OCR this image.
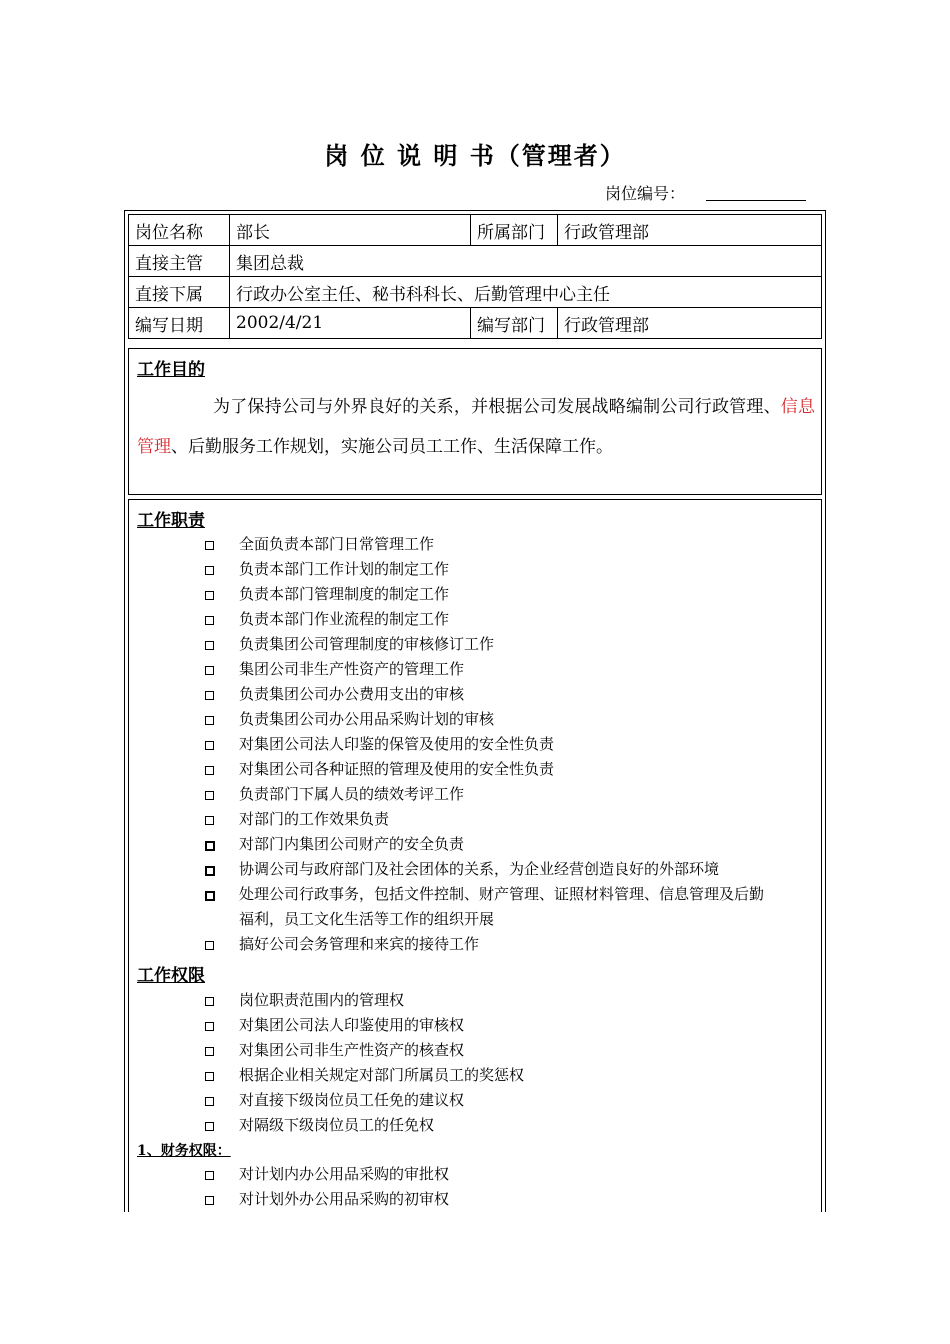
岗 位 说 明 书（管理者）
岗位编号：
岗位名称	部长	所属部门	行政管理部
直接主管	集团总裁		
直接下属	行政办公室主任、秘书科科长、后勤管理中心主任		
编写日期	2002/4/21	编写部门	行政管理部
工作目的
为了保持公司与外界良好的关系，并根据公司发展战略编制公司行政管理、信息管理、后勤服务工作规划，实施公司员工工作、生活保障工作。
工作职责
全面负责本部门日常管理工作
负责本部门工作计划的制定工作
负责本部门管理制度的制定工作
负责本部门作业流程的制定工作
负责集团公司管理制度的审核修订工作
集团公司非生产性资产的管理工作
负责集团公司办公费用支出的审核
负责集团公司办公用品采购计划的审核
对集团公司法人印鉴的保管及使用的安全性负责
对集团公司各种证照的管理及使用的安全性负责
负责部门下属人员的绩效考评工作
对部门的工作效果负责
对部门内集团公司财产的安全负责
协调公司与政府部门及社会团体的关系，为企业经营创造良好的外部环境
处理公司行政事务，包括文件控制、财产管理、证照材料管理、信息管理及后勤
福利，员工文化生活等工作的组织开展
搞好公司会务管理和来宾的接待工作
工作权限
岗位职责范围内的管理权
对集团公司法人印鉴使用的审核权
对集团公司非生产性资产的核查权
根据企业相关规定对部门所属员工的奖惩权
对直接下级岗位员工任免的建议权
对隔级下级岗位员工的任免权
1、财务权限：
对计划内办公用品采购的审批权
对计划外办公用品采购的初审权
